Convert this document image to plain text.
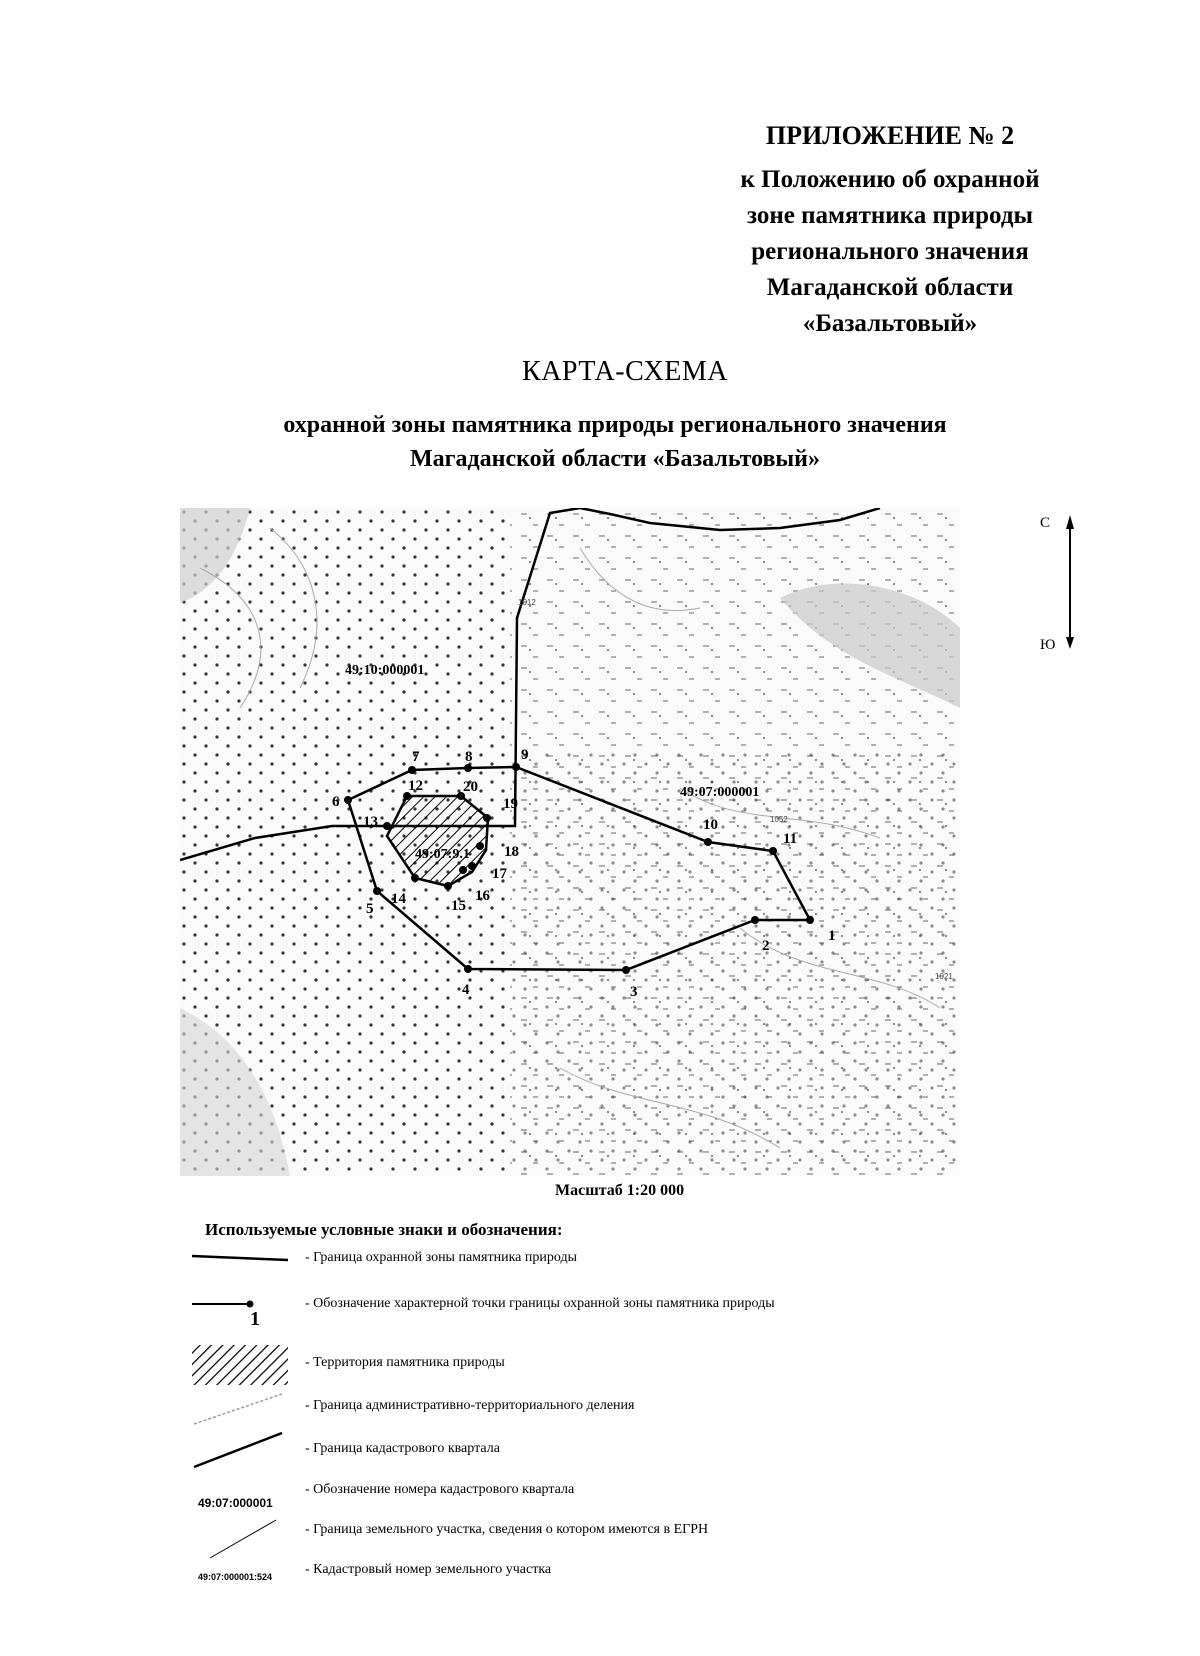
ПРИЛОЖЕНИЕ № 2
к Положению об охранной
зоне памятника природы
регионального значения
Магаданской области
«Базальтовый»
КАРТА-СХЕМА
охранной зоны памятника природы регионального значения
Магаданской области «Базальтовый»
1
2
3
4
5
6
7	8	9
10
11
12
13
14	15
16
17
18
19
20
49:10:000001
49:07:000001
49:07:9.1
1012
1052
1021
Масштаб 1:20 000
С
Ю
Используемые условные знаки и обозначения:
- Граница охранной зоны памятника природы
1
- Обозначение характерной точки границы охранной зоны памятника природы
- Территория памятника природы
- Граница административно-территориального деления
- Граница кадастрового квартала
49:07:000001
- Обозначение номера кадастрового квартала
- Граница земельного участка, сведения о котором имеются в ЕГРН
49:07:000001:524 - Кадастровый номер земельного участка
